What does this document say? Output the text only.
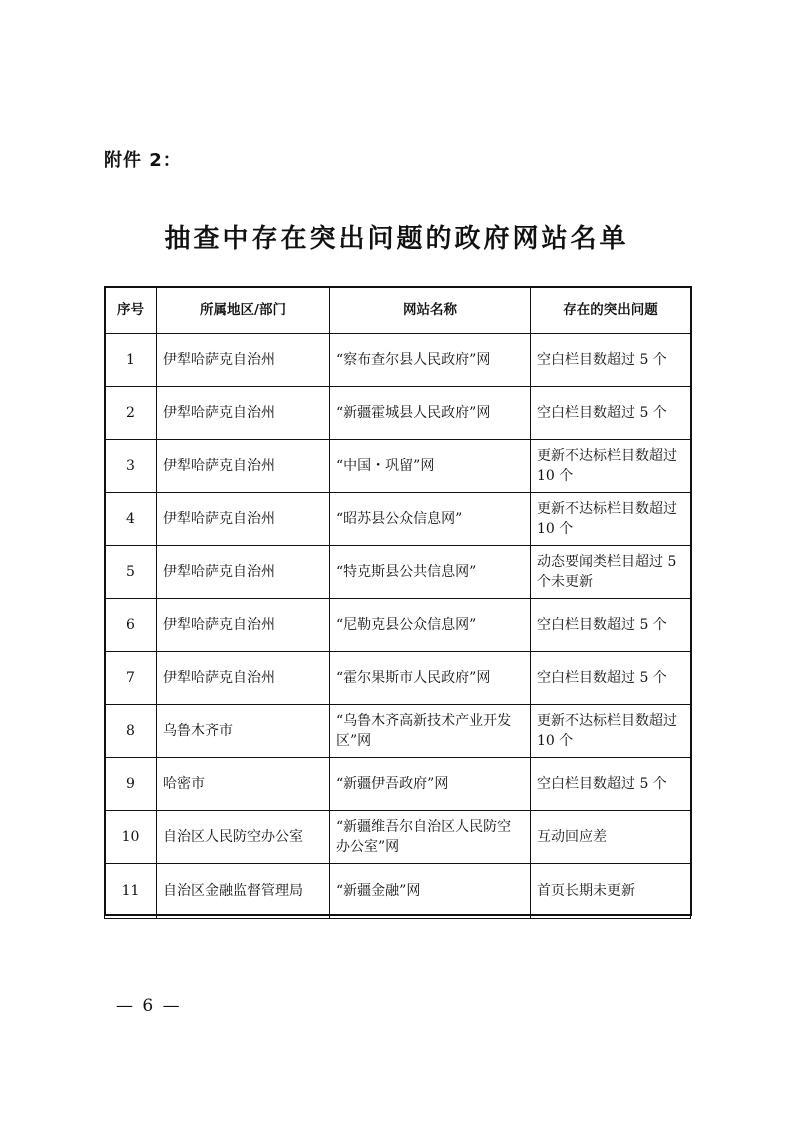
附件 2：
抽查中存在突出问题的政府网站名单
序号	所属地区/部门	网站名称	存在的突出问题
1	伊犁哈萨克自治州	“察布查尔县人民政府”网	空白栏目数超过 5 个
2	伊犁哈萨克自治州	“新疆霍城县人民政府”网	空白栏目数超过 5 个
3	伊犁哈萨克自治州	“中国・巩留”网	更新不达标栏目数超过 10 个
4	伊犁哈萨克自治州	“昭苏县公众信息网”	更新不达标栏目数超过 10 个
5	伊犁哈萨克自治州	“特克斯县公共信息网”	动态要闻类栏目超过 5 个未更新
6	伊犁哈萨克自治州	“尼勒克县公众信息网”	空白栏目数超过 5 个
7	伊犁哈萨克自治州	“霍尔果斯市人民政府”网	空白栏目数超过 5 个
8	乌鲁木齐市	“乌鲁木齐高新技术产业开发区”网	更新不达标栏目数超过 10 个
9	哈密市	“新疆伊吾政府”网	空白栏目数超过 5 个
10	自治区人民防空办公室	“新疆维吾尔自治区人民防空办公室”网	互动回应差
11	自治区金融监督管理局	“新疆金融”网	首页长期未更新
— 6 —
